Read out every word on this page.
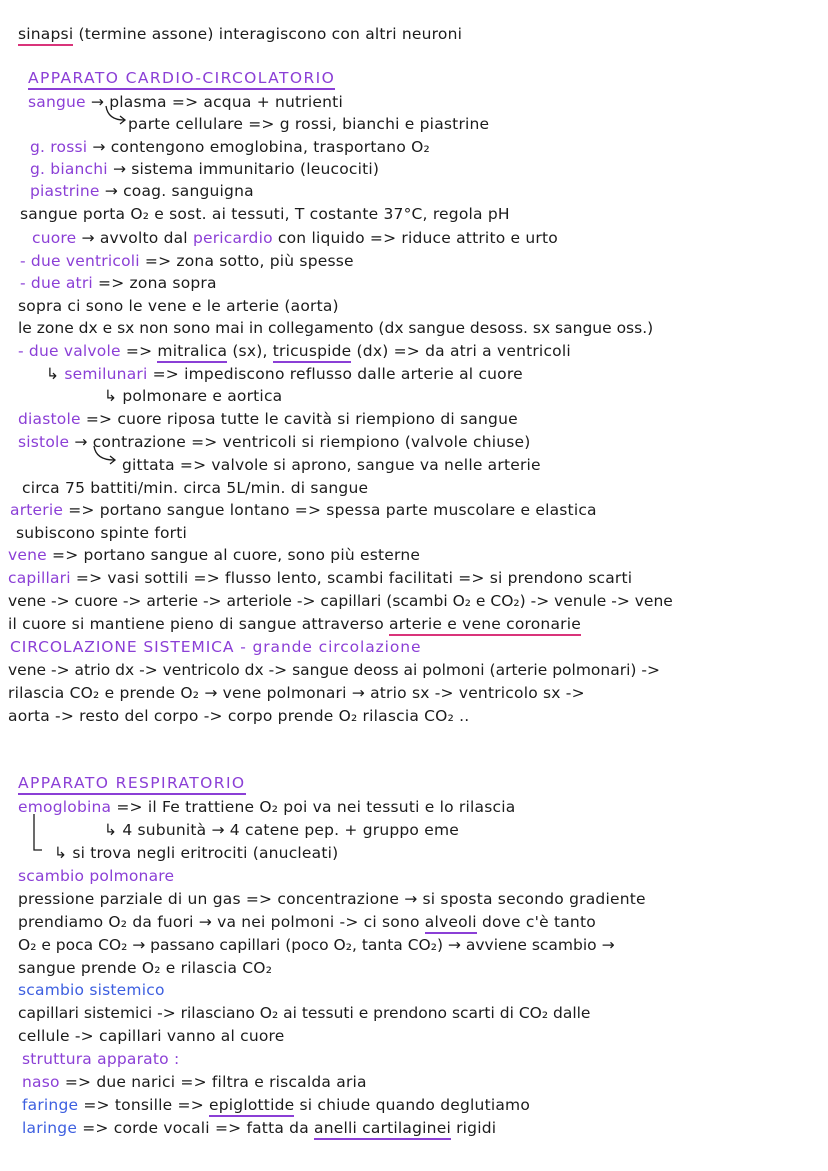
sinapsi (termine assone) interagiscono con altri neuroni
APPARATO CARDIO-CIRCOLATORIO
sangue → plasma => acqua + nutrienti
parte cellulare => g rossi, bianchi e piastrine
g. rossi → contengono emoglobina, trasportano O₂
g. bianchi → sistema immunitario (leucociti)
piastrine → coag. sanguigna
sangue porta O₂ e sost. ai tessuti, T costante 37°C, regola pH
cuore → avvolto dal pericardio con liquido => riduce attrito e urto
- due ventricoli => zona sotto, più spesse
- due atri => zona sopra
sopra ci sono le vene e le arterie (aorta)
le zone dx e sx non sono mai in collegamento (dx sangue desoss. sx sangue oss.)
- due valvole => mitralica (sx), tricuspide (dx) => da atri a ventricoli
↳ semilunari => impediscono reflusso dalle arterie al cuore
↳ polmonare e aortica
diastole => cuore riposa tutte le cavità si riempiono di sangue
sistole → contrazione => ventricoli si riempiono (valvole chiuse)
gittata => valvole si aprono, sangue va nelle arterie
circa 75 battiti/min. circa 5L/min. di sangue
arterie => portano sangue lontano => spessa parte muscolare e elastica
subiscono spinte forti
vene => portano sangue al cuore, sono più esterne
capillari => vasi sottili => flusso lento, scambi facilitati => si prendono scarti
vene -> cuore -> arterie -> arteriole -> capillari (scambi O₂ e CO₂) -> venule -> vene
il cuore si mantiene pieno di sangue attraverso arterie e vene coronarie
CIRCOLAZIONE SISTEMICA - grande circolazione
vene -> atrio dx -> ventricolo dx -> sangue deoss ai polmoni (arterie polmonari) ->
rilascia CO₂ e prende O₂ → vene polmonari → atrio sx -> ventricolo sx ->
aorta -> resto del corpo -> corpo prende O₂ rilascia CO₂ ..
APPARATO RESPIRATORIO
emoglobina => il Fe trattiene O₂ poi va nei tessuti e lo rilascia
↳ 4 subunità → 4 catene pep. + gruppo eme
↳ si trova negli eritrociti (anucleati)
scambio polmonare
pressione parziale di un gas => concentrazione → si sposta secondo gradiente
prendiamo O₂ da fuori → va nei polmoni -> ci sono alveoli dove c'è tanto
O₂ e poca CO₂ → passano capillari (poco O₂, tanta CO₂) → avviene scambio →
sangue prende O₂ e rilascia CO₂
scambio sistemico
capillari sistemici -> rilasciano O₂ ai tessuti e prendono scarti di CO₂ dalle
cellule -> capillari vanno al cuore
struttura apparato :
naso => due narici => filtra e riscalda aria
faringe => tonsille => epiglottide si chiude quando deglutiamo
laringe => corde vocali => fatta da anelli cartilaginei rigidi
